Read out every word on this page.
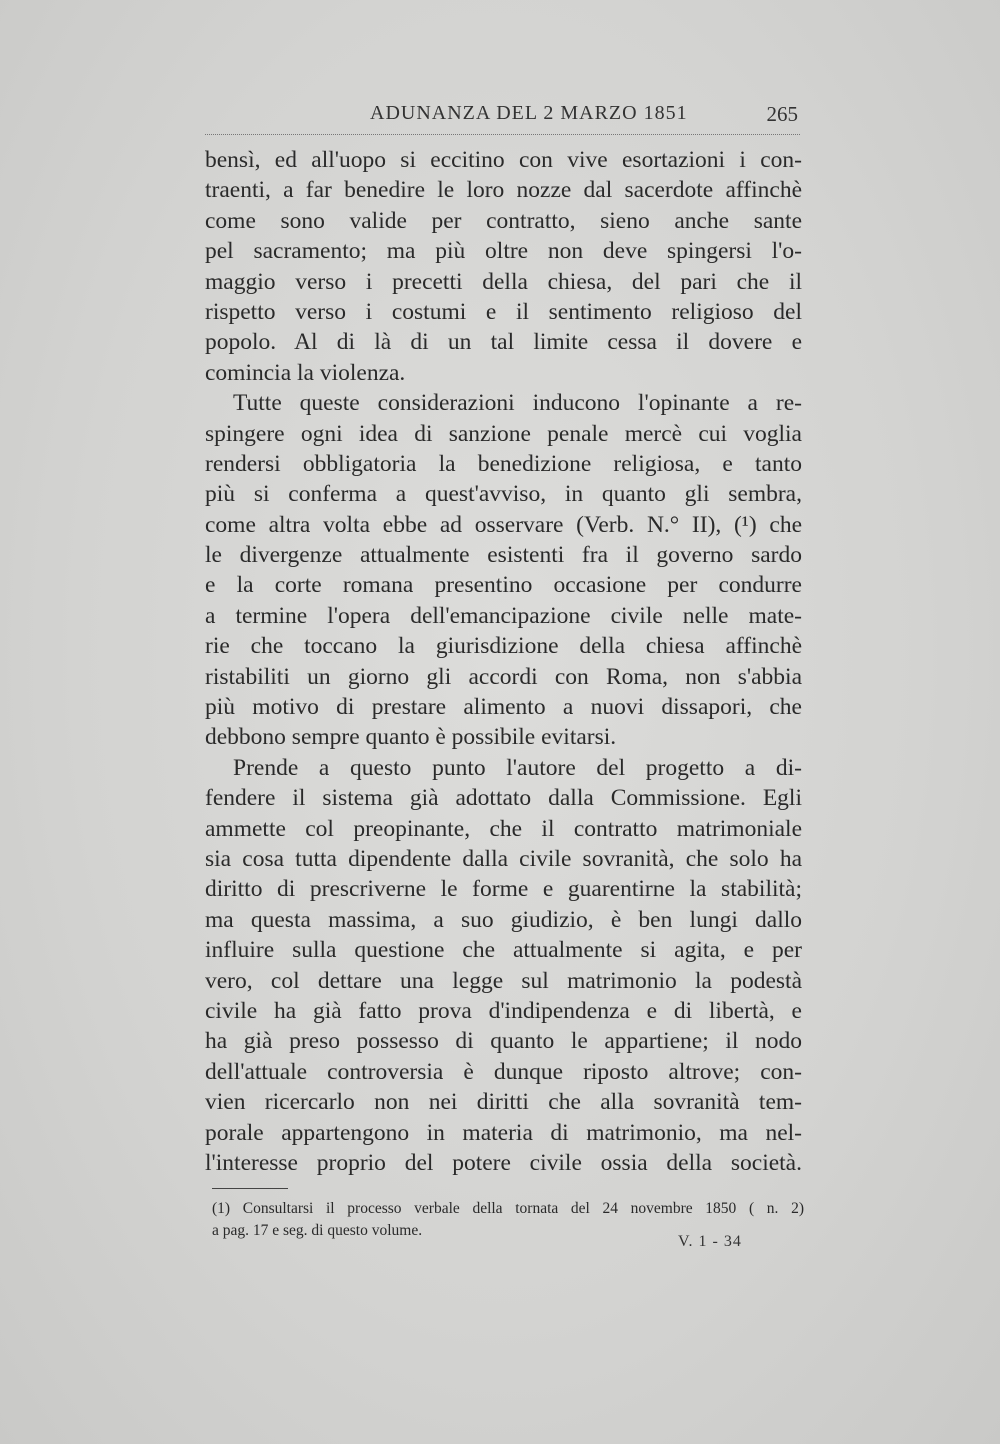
ADUNANZA DEL 2 MARZO 1851	265
bensì, ed all'uopo si eccitino con vive esortazioni i con-
traenti, a far benedire le loro nozze dal sacerdote affinchè
come sono valide per contratto, sieno anche sante
pel sacramento; ma più oltre non deve spingersi l'o-
maggio verso i precetti della chiesa, del pari che il
rispetto verso i costumi e il sentimento religioso del
popolo. Al di là di un tal limite cessa il dovere e
comincia la violenza.
Tutte queste considerazioni inducono l'opinante a re-
spingere ogni idea di sanzione penale mercè cui voglia
rendersi obbligatoria la benedizione religiosa, e tanto
più si conferma a quest'avviso, in quanto gli sembra,
come altra volta ebbe ad osservare (Verb. N.° II), (¹) che
le divergenze attualmente esistenti fra il governo sardo
e la corte romana presentino occasione per condurre
a termine l'opera dell'emancipazione civile nelle mate-
rie che toccano la giurisdizione della chiesa affinchè
ristabiliti un giorno gli accordi con Roma, non s'abbia
più motivo di prestare alimento a nuovi dissapori, che
debbono sempre quanto è possibile evitarsi.
Prende a questo punto l'autore del progetto a di-
fendere il sistema già adottato dalla Commissione. Egli
ammette col preopinante, che il contratto matrimoniale
sia cosa tutta dipendente dalla civile sovranità, che solo ha
diritto di prescriverne le forme e guarentirne la stabilità;
ma questa massima, a suo giudizio, è ben lungi dallo
influire sulla questione che attualmente si agita, e per
vero, col dettare una legge sul matrimonio la podestà
civile ha già fatto prova d'indipendenza e di libertà, e
ha già preso possesso di quanto le appartiene; il nodo
dell'attuale controversia è dunque riposto altrove; con-
vien ricercarlo non nei diritti che alla sovranità tem-
porale appartengono in materia di matrimonio, ma nel-
l'interesse proprio del potere civile ossia della società.
(1) Consultarsi il processo verbale della tornata del 24 novembre 1850 ( n. 2)
a pag. 17 e seg. di questo volume.
V. 1 - 34
